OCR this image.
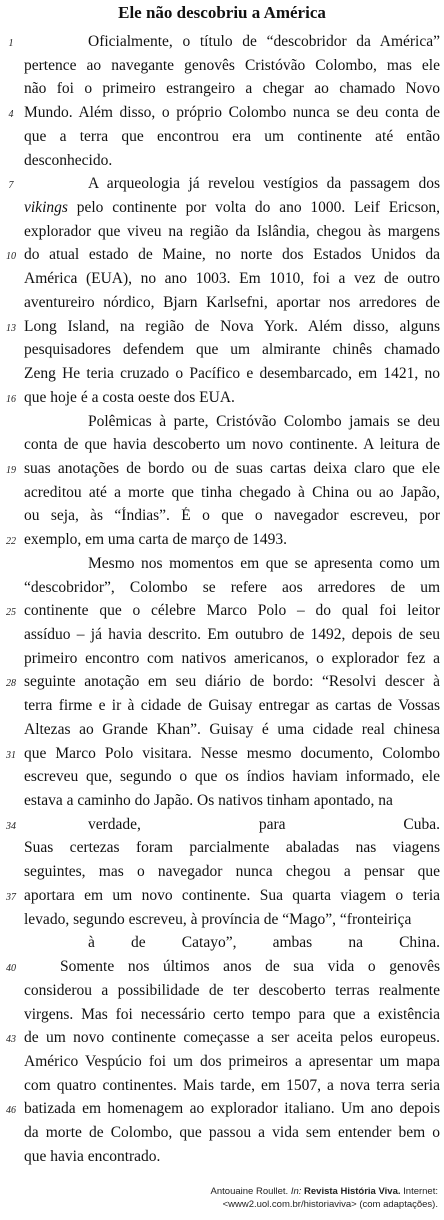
Ele não descobriu a América
1
4
7
10
13
16
19
22
25
28
31
34
37
40
43
46
Oficialmente, o título de “descobridor da América”
pertence ao navegante genovês Cristóvão Colombo, mas ele
não foi o primeiro estrangeiro a chegar ao chamado Novo
Mundo. Além disso, o próprio Colombo nunca se deu conta de
que a terra que encontrou era um continente até então
desconhecido.
A arqueologia já revelou vestígios da passagem dos
vikings pelo continente por volta do ano 1000. Leif Ericson,
explorador que viveu na região da Islândia, chegou às margens
do atual estado de Maine, no norte dos Estados Unidos da
América (EUA), no ano 1003. Em 1010, foi a vez de outro
aventureiro nórdico, Bjarn Karlsefni, aportar nos arredores de
Long Island, na região de Nova York. Além disso, alguns
pesquisadores defendem que um almirante chinês chamado
Zeng He teria cruzado o Pacífico e desembarcado, em 1421, no
que hoje é a costa oeste dos EUA.
Polêmicas à parte, Cristóvão Colombo jamais se deu
conta de que havia descoberto um novo continente. A leitura de
suas anotações de bordo ou de suas cartas deixa claro que ele
acreditou até a morte que tinha chegado à China ou ao Japão,
ou seja, às “Índias”. É o que o navegador escreveu, por
exemplo, em uma carta de março de 1493.
Mesmo nos momentos em que se apresenta como um
“descobridor”, Colombo se refere aos arredores de um
continente que o célebre Marco Polo – do qual foi leitor
assíduo – já havia descrito. Em outubro de 1492, depois de seu
primeiro encontro com nativos americanos, o explorador fez a
seguinte anotação em seu diário de bordo: “Resolvi descer à
terra firme e ir à cidade de Guisay entregar as cartas de Vossas
Altezas ao Grande Khan”. Guisay é uma cidade real chinesa
que Marco Polo visitara. Nesse mesmo documento, Colombo
escreveu que, segundo o que os índios haviam informado, ele
estava a caminho do Japão. Os nativos tinham apontado, na
verdade, para Cuba.
Suas certezas foram parcialmente abaladas nas viagens
seguintes, mas o navegador nunca chegou a pensar que
aportara em um novo continente. Sua quarta viagem o teria
levado, segundo escreveu, à província de “Mago”, “fronteiriça
à de Catayo”, ambas na China.
Somente nos últimos anos de sua vida o genovês
considerou a possibilidade de ter descoberto terras realmente
virgens. Mas foi necessário certo tempo para que a existência
de um novo continente começasse a ser aceita pelos europeus.
Américo Vespúcio foi um dos primeiros a apresentar um mapa
com quatro continentes. Mais tarde, em 1507, a nova terra seria
batizada em homenagem ao explorador italiano. Um ano depois
da morte de Colombo, que passou a vida sem entender bem o
que havia encontrado.
Antouaine Roullet. In: Revista História Viva. Internet:
<www2.uol.com.br/historiaviva> (com adaptações).
